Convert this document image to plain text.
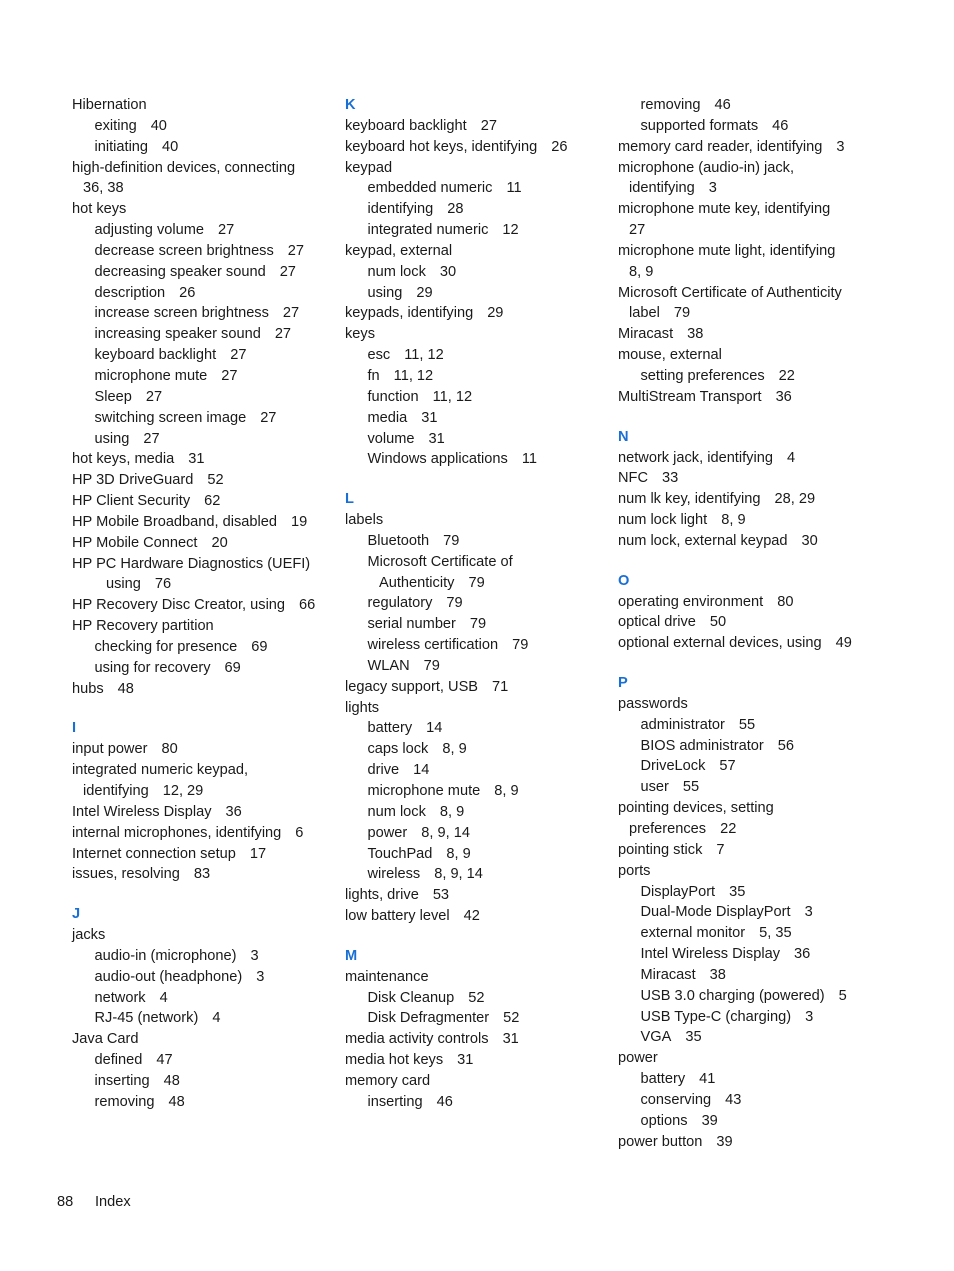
Hibernation
exiting 40
initiating 40
high-definition devices, connecting
36, 38
hot keys
adjusting volume 27
decrease screen brightness 27
decreasing speaker sound 27
description 26
increase screen brightness 27
increasing speaker sound 27
keyboard backlight 27
microphone mute 27
Sleep 27
switching screen image 27
using 27
hot keys, media 31
HP 3D DriveGuard 52
HP Client Security 62
HP Mobile Broadband, disabled 19
HP Mobile Connect 20
HP PC Hardware Diagnostics (UEFI)
using 76
HP Recovery Disc Creator, using 66
HP Recovery partition
checking for presence 69
using for recovery 69
hubs 48
I
input power 80
integrated numeric keypad,
identifying 12, 29
Intel Wireless Display 36
internal microphones, identifying 6
Internet connection setup 17
issues, resolving 83
J
jacks
audio-in (microphone) 3
audio-out (headphone) 3
network 4
RJ-45 (network) 4
Java Card
defined 47
inserting 48
removing 48
K
keyboard backlight 27
keyboard hot keys, identifying 26
keypad
embedded numeric 11
identifying 28
integrated numeric 12
keypad, external
num lock 30
using 29
keypads, identifying 29
keys
esc 11, 12
fn 11, 12
function 11, 12
media 31
volume 31
Windows applications 11
L
labels
Bluetooth 79
Microsoft Certificate of
Authenticity 79
regulatory 79
serial number 79
wireless certification 79
WLAN 79
legacy support, USB 71
lights
battery 14
caps lock 8, 9
drive 14
microphone mute 8, 9
num lock 8, 9
power 8, 9, 14
TouchPad 8, 9
wireless 8, 9, 14
lights, drive 53
low battery level 42
M
maintenance
Disk Cleanup 52
Disk Defragmenter 52
media activity controls 31
media hot keys 31
memory card
inserting 46
removing 46
supported formats 46
memory card reader, identifying 3
microphone (audio-in) jack,
identifying 3
microphone mute key, identifying
27
microphone mute light, identifying
8, 9
Microsoft Certificate of Authenticity
label 79
Miracast 38
mouse, external
setting preferences 22
MultiStream Transport 36
N
network jack, identifying 4
NFC 33
num lk key, identifying 28, 29
num lock light 8, 9
num lock, external keypad 30
O
operating environment 80
optical drive 50
optional external devices, using 49
P
passwords
administrator 55
BIOS administrator 56
DriveLock 57
user 55
pointing devices, setting
preferences 22
pointing stick 7
ports
DisplayPort 35
Dual-Mode DisplayPort 3
external monitor 5, 35
Intel Wireless Display 36
Miracast 38
USB 3.0 charging (powered) 5
USB Type-C (charging) 3
VGA 35
power
battery 41
conserving 43
options 39
power button 39
88 Index
